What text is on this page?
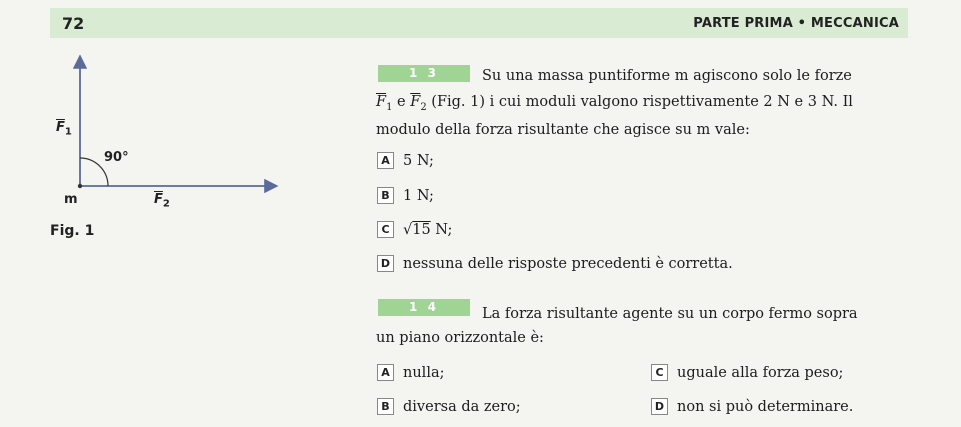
72	PARTE PRIMA • MECCANICA
$\overline{F}_1$
90°
m	$\overline{F}_2$
Fig. 1
1 3	Su una massa puntiforme m agiscono solo le forze
$\overline{F}_1$ e $\overline{F}_2$ (Fig. 1) i cui moduli valgono rispettivamente 2 N e 3 N. Il
modulo della forza risultante che agisce su m vale:
A 5 N;
B 1 N;
C √15 N;
D nessuna delle risposte precedenti è corretta.
1 4	La forza risultante agente su un corpo fermo sopra
un piano orizzontale è:
A nulla;
B diversa da zero;
C uguale alla forza peso;
D non si può determinare.
